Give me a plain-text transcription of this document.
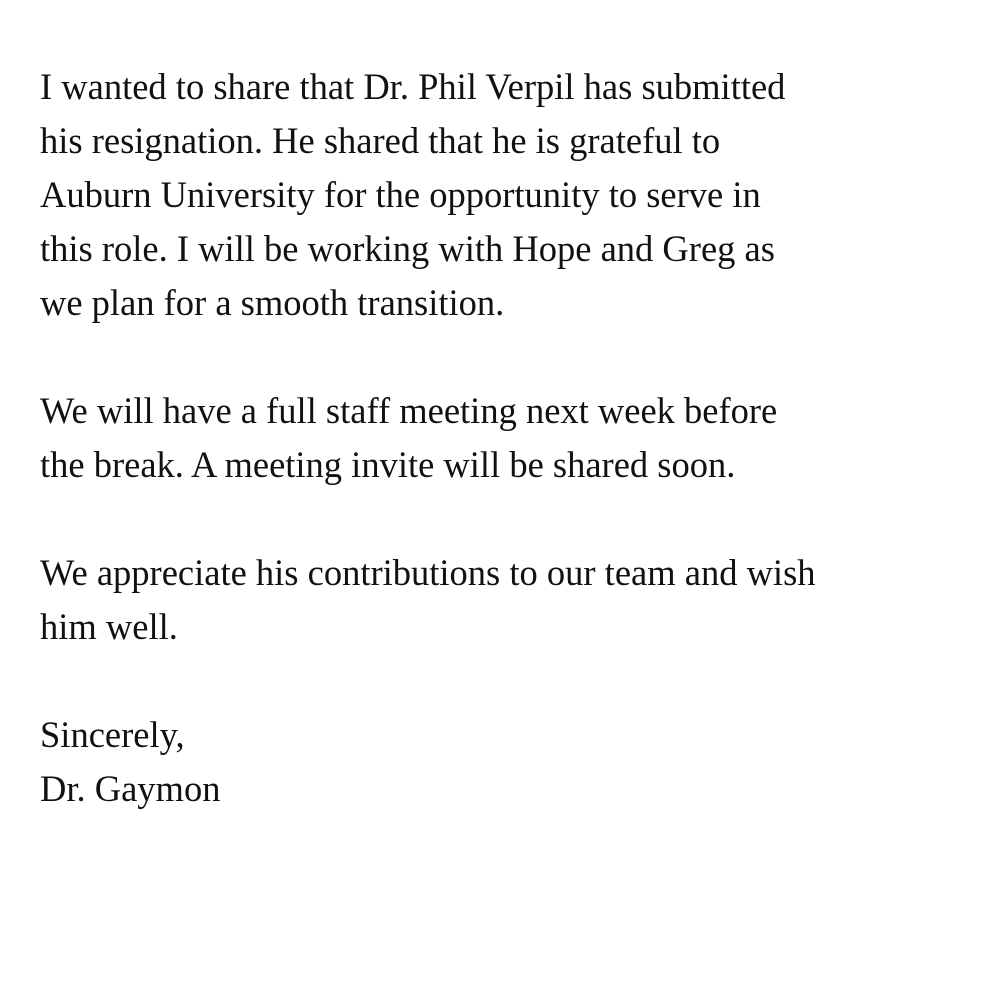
I wanted to share that Dr. Phil Verpil has submitted
his resignation. He shared that he is grateful to
Auburn University for the opportunity to serve in
this role. I will be working with Hope and Greg as
we plan for a smooth transition.
We will have a full staff meeting next week before
the break. A meeting invite will be shared soon.
We appreciate his contributions to our team and wish
him well.
Sincerely,
Dr. Gaymon
